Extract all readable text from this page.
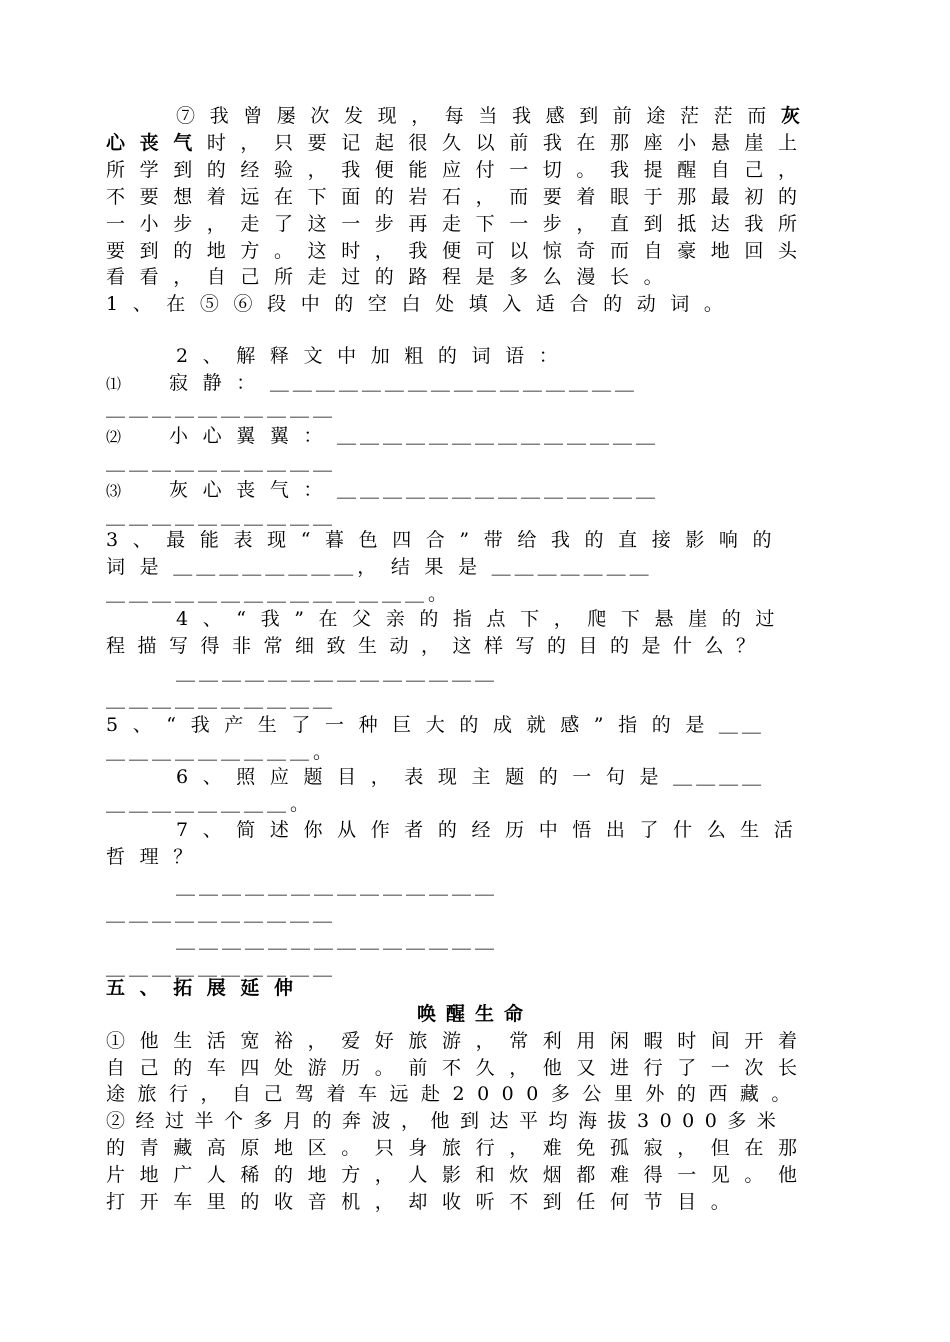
⑦我曾屡次发现，每当我感到前途茫茫而灰
心丧气时，只要记起很久以前我在那座小悬崖上
所学到的经验，我便能应付一切。我提醒自己，
不要想着远在下面的岩石，而要着眼于那最初的
一小步，走了这一步再走下一步，直到抵达我所
要到的地方。这时，我便可以惊奇而自豪地回头
看看，自己所走过的路程是多么漫长。
1、在⑤⑥段中的空白处填入适合的动词。
2、解释文中加粗的词语：
⑴ 寂静：＿＿＿＿＿＿＿＿＿＿＿＿＿＿＿＿
＿＿＿＿＿＿＿＿＿＿
⑵ 小心翼翼：＿＿＿＿＿＿＿＿＿＿＿＿＿＿
＿＿＿＿＿＿＿＿＿＿
⑶ 灰心丧气：＿＿＿＿＿＿＿＿＿＿＿＿＿＿
＿＿＿＿＿＿＿＿＿＿
3、最能表现“暮色四合”带给我的直接影响的
词是＿＿＿＿＿＿＿＿，结果是＿＿＿＿＿＿＿
＿＿＿＿＿＿＿＿＿＿＿＿＿＿。
4、“我”在父亲的指点下，爬下悬崖的过
程描写得非常细致生动，这样写的目的是什么？
＿＿＿＿＿＿＿＿＿＿＿＿＿＿
＿＿＿＿＿＿＿＿＿＿
5、“我产生了一种巨大的成就感”指的是＿＿
＿＿＿＿＿＿＿＿＿。
6、照应题目，表现主题的一句是＿＿＿＿
＿＿＿＿＿＿＿＿。
7、简述你从作者的经历中悟出了什么生活
哲理？
＿＿＿＿＿＿＿＿＿＿＿＿＿＿
＿＿＿＿＿＿＿＿＿＿
＿＿＿＿＿＿＿＿＿＿＿＿＿＿
＿＿＿＿＿＿＿＿＿＿
五、拓展延伸
唤醒生命
①他生活宽裕，爱好旅游，常利用闲暇时间开着
自己的车四处游历。前不久，他又进行了一次长
途旅行，自己驾着车远赴2000多公里外的西藏。
②经过半个多月的奔波，他到达平均海拔3000多米
的青藏高原地区。只身旅行，难免孤寂，但在那
片地广人稀的地方，人影和炊烟都难得一见。他
打开车里的收音机，却收听不到任何节目。
